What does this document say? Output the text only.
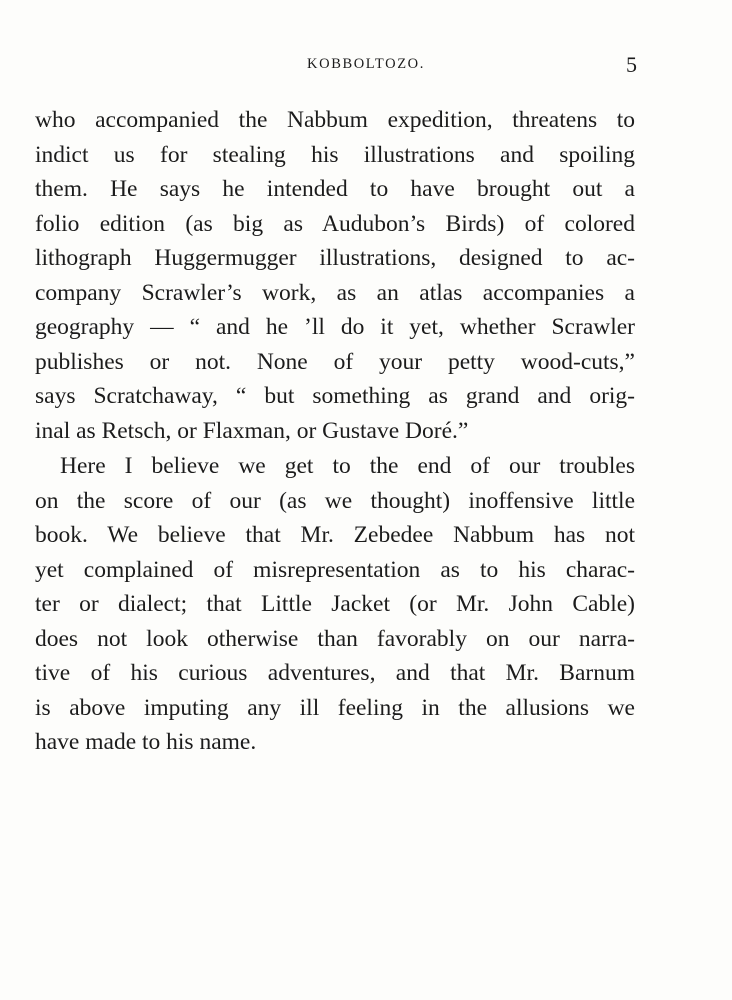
KOBBOLTOZO.	5
who accompanied the Nabbum expedition, threatens to
indict us for stealing his illustrations and spoiling
them. He says he intended to have brought out a
folio edition (as big as Audubon’s Birds) of colored
lithograph Huggermugger illustrations, designed to ac-
company Scrawler’s work, as an atlas accompanies a
geography — “ and he ’ll do it yet, whether Scrawler
publishes or not. None of your petty wood-cuts,”
says Scratchaway, “ but something as grand and orig-
inal as Retsch, or Flaxman, or Gustave Doré.”
Here I believe we get to the end of our troubles
on the score of our (as we thought) inoffensive little
book. We believe that Mr. Zebedee Nabbum has not
yet complained of misrepresentation as to his charac-
ter or dialect; that Little Jacket (or Mr. John Cable)
does not look otherwise than favorably on our narra-
tive of his curious adventures, and that Mr. Barnum
is above imputing any ill feeling in the allusions we
have made to his name.
